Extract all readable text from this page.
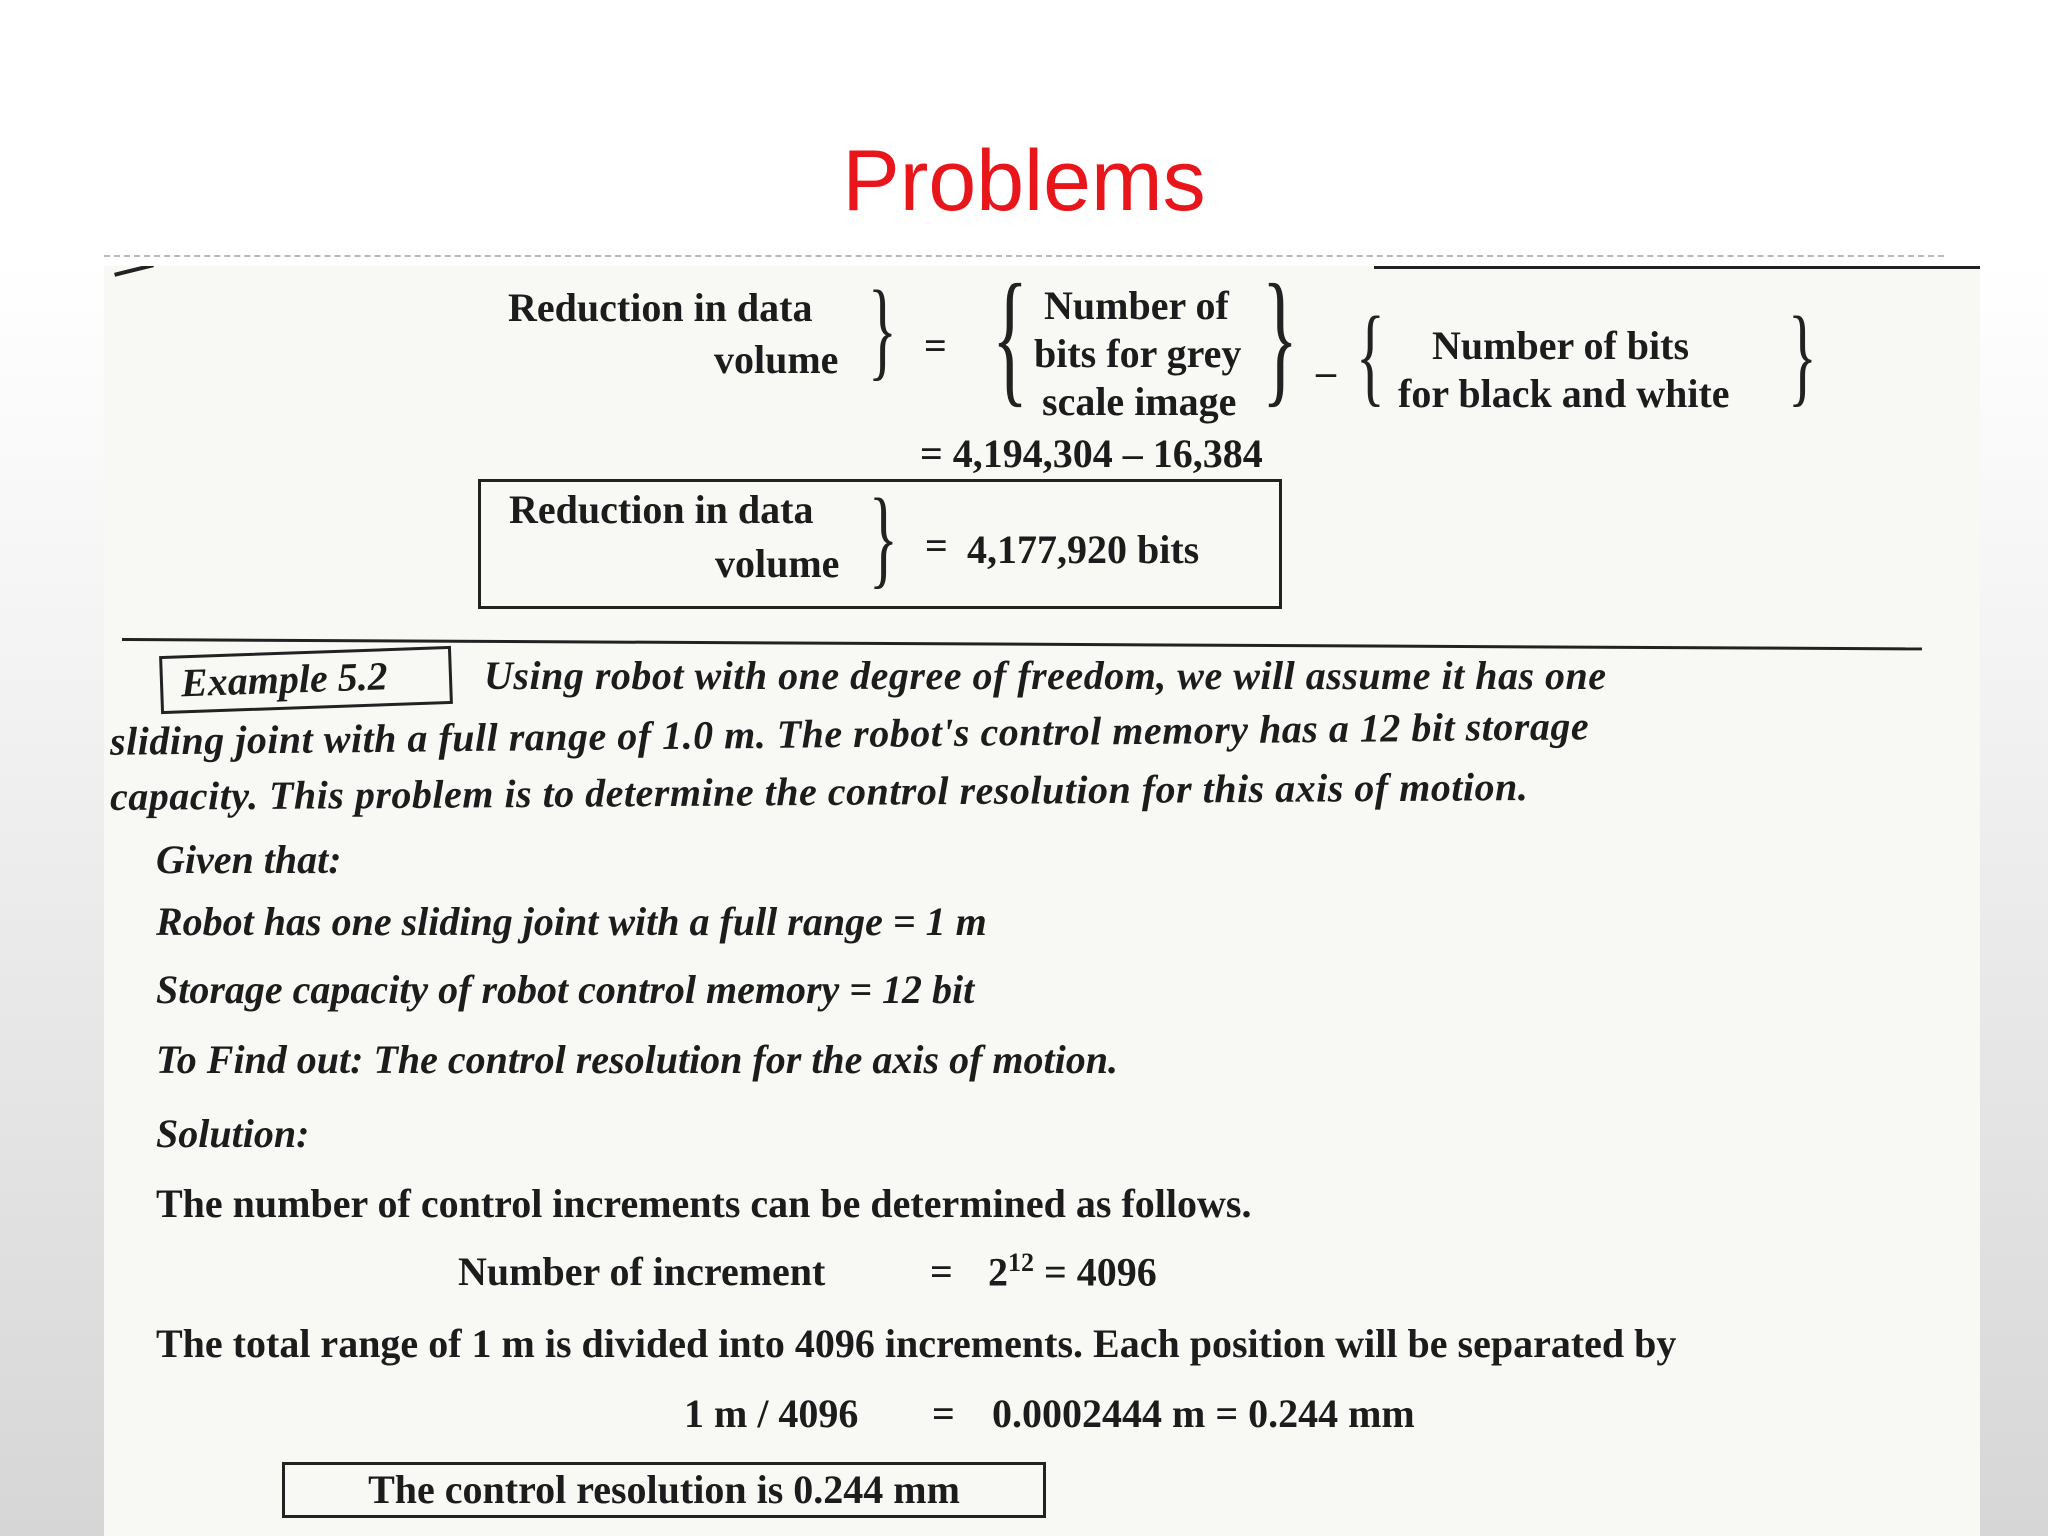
Problems
Reduction in data
volume } = { Number of
bits for grey
scale image } – { Number of bits
for black and white }
= 4,194,304 – 16,384
Reduction in data
volume } = 4,177,920 bits
Example 5.2	Using robot with one degree of freedom, we will assume it has one
sliding joint with a full range of 1.0 m. The robot's control memory has a 12 bit storage
capacity. This problem is to determine the control resolution for this axis of motion.
Given that:
Robot has one sliding joint with a full range = 1 m
Storage capacity of robot control memory = 12 bit
To Find out: The control resolution for the axis of motion.
Solution:
The number of control increments can be determined as follows.
Number of increment	= $2^{12} = 4096$
The total range of 1 m is divided into 4096 increments. Each position will be separated by
1 m / 4096 = 0.0002444 m = 0.244 mm
The control resolution is 0.244 mm
